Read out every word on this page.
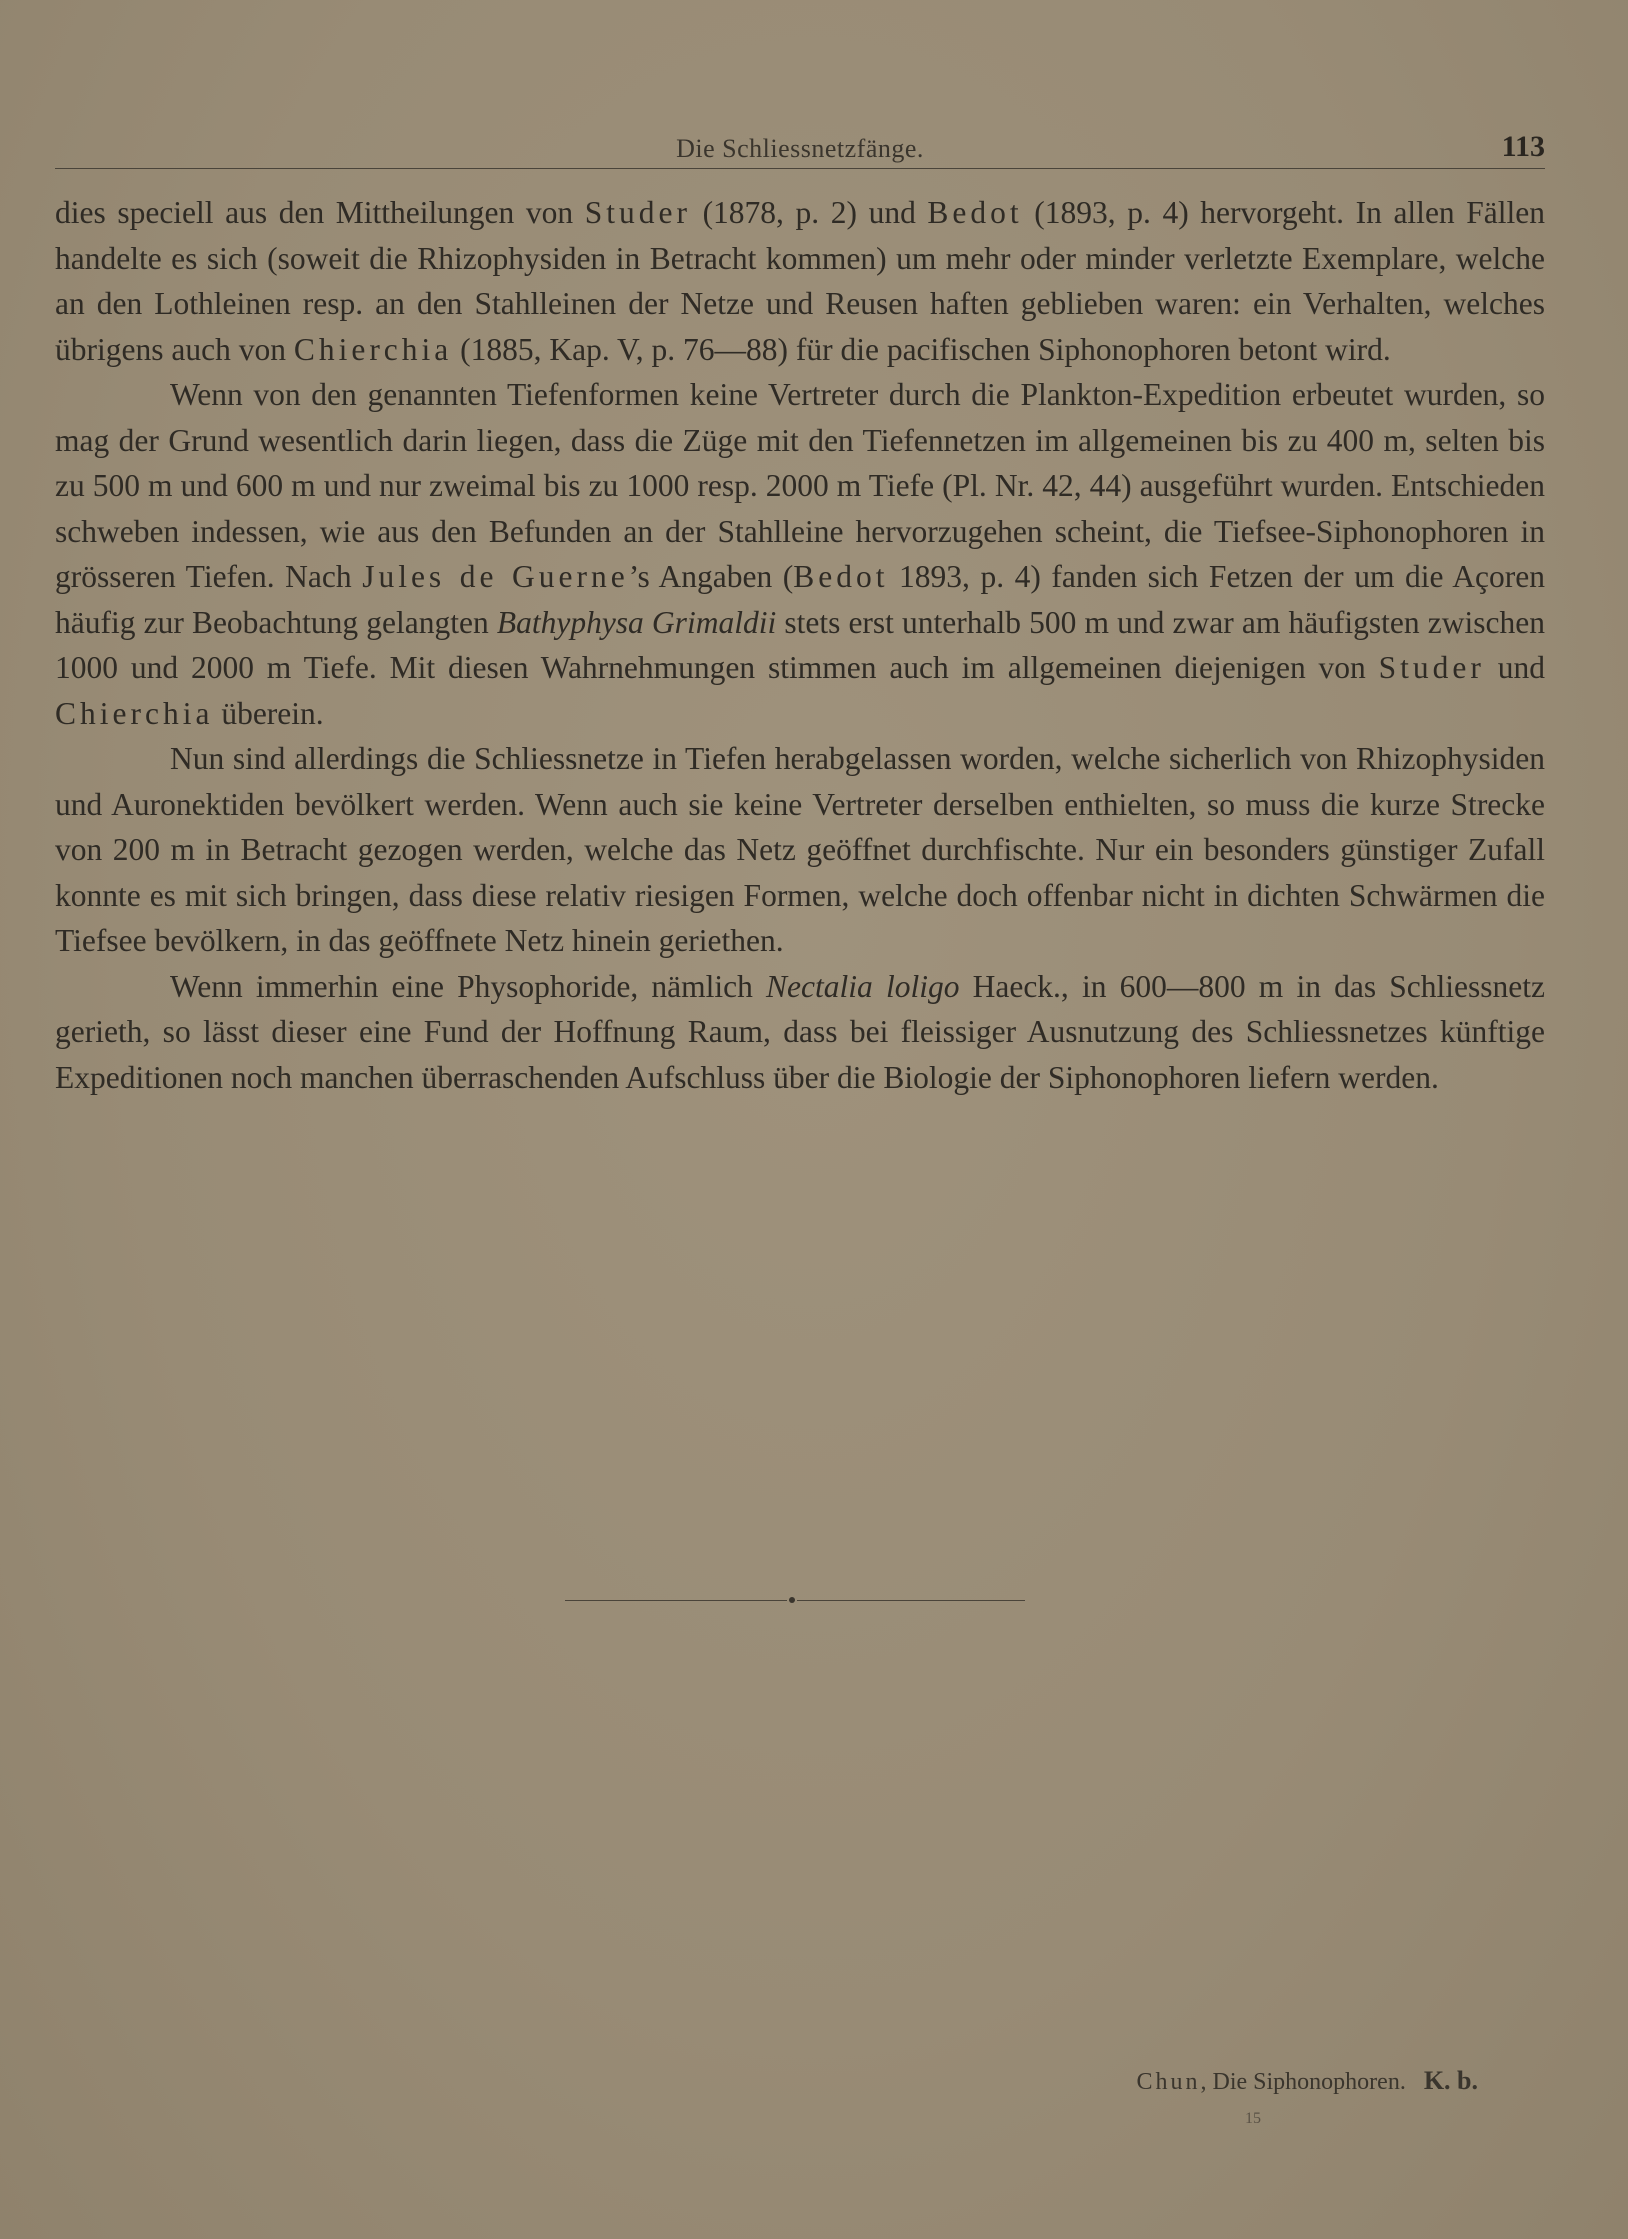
Die Schliessnetzfänge.	113

dies speciell aus den Mittheilungen von Studer (1878, p. 2) und Bedot (1893, p. 4) hervorgeht. In allen Fällen handelte es sich (soweit die Rhizophysiden in Betracht kommen) um mehr oder minder verletzte Exemplare, welche an den Lothleinen resp. an den Stahlleinen der Netze und Reusen haften geblieben waren: ein Verhalten, welches übrigens auch von Chierchia (1885, Kap. V, p. 76—88) für die pacifischen Siphonophoren betont wird.

Wenn von den genannten Tiefenformen keine Vertreter durch die Plankton-Expedition erbeutet wurden, so mag der Grund wesentlich darin liegen, dass die Züge mit den Tiefennetzen im allgemeinen bis zu 400 m, selten bis zu 500 m und 600 m und nur zweimal bis zu 1000 resp. 2000 m Tiefe (Pl. Nr. 42, 44) ausgeführt wurden. Entschieden schweben indessen, wie aus den Befunden an der Stahlleine hervorzugehen scheint, die Tiefsee-Siphonophoren in grösseren Tiefen. Nach Jules de Guerne’s Angaben (Bedot 1893, p. 4) fanden sich Fetzen der um die Açoren häufig zur Beobachtung gelangten Bathyphysa Grimaldii stets erst unterhalb 500 m und zwar am häufigsten zwischen 1000 und 2000 m Tiefe. Mit diesen Wahrnehmungen stimmen auch im allgemeinen diejenigen von Studer und Chierchia überein.

Nun sind allerdings die Schliessnetze in Tiefen herabgelassen worden, welche sicherlich von Rhizophysiden und Auronektiden bevölkert werden. Wenn auch sie keine Vertreter derselben enthielten, so muss die kurze Strecke von 200 m in Betracht gezogen werden, welche das Netz geöffnet durchfischte. Nur ein besonders günstiger Zufall konnte es mit sich bringen, dass diese relativ riesigen Formen, welche doch offenbar nicht in dichten Schwärmen die Tiefsee bevölkern, in das geöffnete Netz hinein geriethen.

Wenn immerhin eine Physophoride, nämlich Nectalia loligo Haeck., in 600—800 m in das Schliessnetz gerieth, so lässt dieser eine Fund der Hoffnung Raum, dass bei fleissiger Ausnutzung des Schliessnetzes künftige Expeditionen noch manchen überraschenden Aufschluss über die Biologie der Siphonophoren liefern werden.

Chun, Die Siphonophoren. K. b.
15
